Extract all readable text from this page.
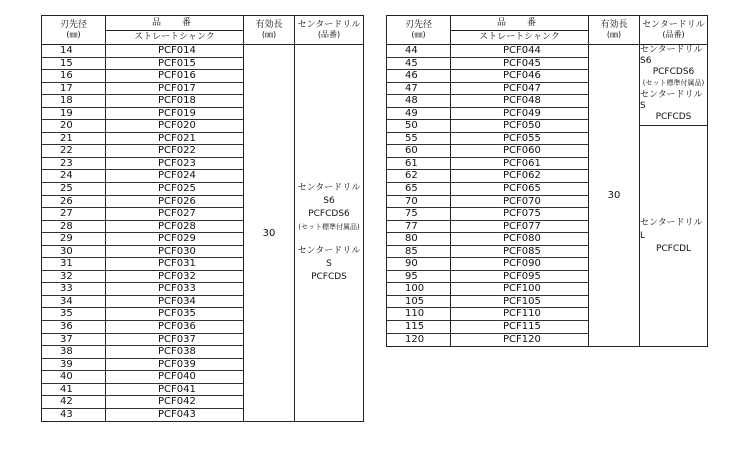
刃先径
(㎜)
品　番
ストレートシャンク
有効長
(㎜)
センタードリル
(品番)
14
15
16
17
18
19
20
21
22
23
24
25
26
27
28
29
30
31
32
33
34
35
36
37
38
39
40
41
42
43
PCF014
PCF015
PCF016
PCF017
PCF018
PCF019
PCF020
PCF021
PCF022
PCF023
PCF024
PCF025
PCF026
PCF027
PCF028
PCF029
PCF030
PCF031
PCF032
PCF033
PCF034
PCF035
PCF036
PCF037
PCF038
PCF039
PCF040
PCF041
PCF042
PCF043
30
センタードリルS6
PCFCDS6
(セット標準付属品)
センタードリルS
PCFCDS
刃先径
(㎜)
品　番
ストレートシャンク
有効長
(㎜)
センタードリル
(品番)
44
45
46
47
48
49
50
55
60
61
62
65
70
75
77
80
85
90
95
100
105
110
115
120
PCF044
PCF045
PCF046
PCF047
PCF048
PCF049
PCF050
PCF055
PCF060
PCF061
PCF062
PCF065
PCF070
PCF075
PCF077
PCF080
PCF085
PCF090
PCF095
PCF100
PCF105
PCF110
PCF115
PCF120
30
センタードリルS6
PCFCDS6
(セット標準付属品)
センタードリルS
PCFCDS
センタードリルL
PCFCDL
